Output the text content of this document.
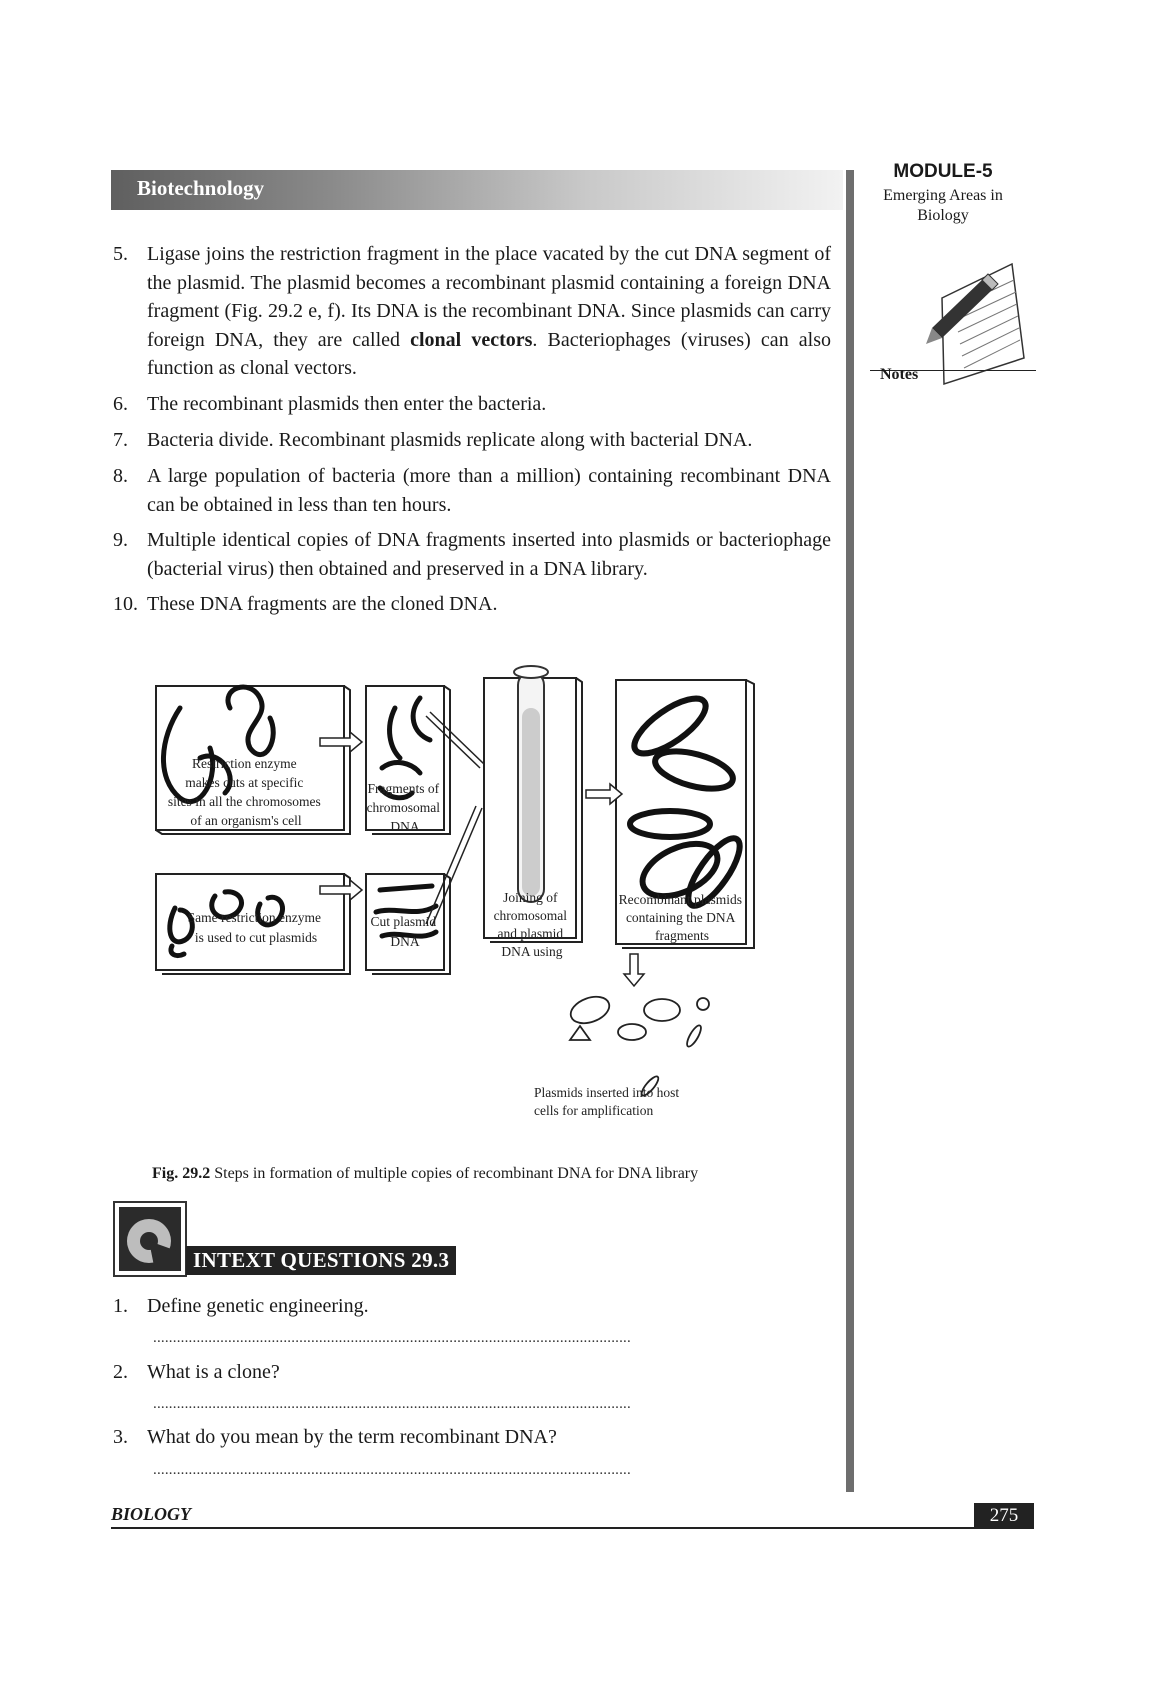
Biotechnology
MODULE-5
Emerging Areas in
Biology
Notes
5. Ligase joins the restriction fragment in the place vacated by the cut DNA segment of the plasmid. The plasmid becomes a recombinant plasmid containing a foreign DNA fragment (Fig. 29.2 e, f). Its DNA is the recombinant DNA. Since plasmids can carry foreign DNA, they are called clonal vectors. Bacteriophages (viruses) can also function as clonal vectors.
6. The recombinant plasmids then enter the bacteria.
7. Bacteria divide. Recombinant plasmids replicate along with bacterial DNA.
8. A large population of bacteria (more than a million) containing recombinant DNA can be obtained in less than ten hours.
9. Multiple identical copies of DNA fragments inserted into plasmids or bacteriophage (bacterial virus) then obtained and preserved in a DNA library.
10. These DNA fragments are the cloned DNA.
Restriction enzyme makes cuts at specific sites in all the chromosomes of an organism's cell
Fragments of chromosomal DNA
Same restriction enzyme is used to cut plasmids
Cut plasmid DNA
Joining of chromosomal and plasmid DNA using
Recombinant plasmids containing the DNA fragments
Plasmids inserted into host cells for amplification
Fig. 29.2 Steps in formation of multiple copies of recombinant DNA for DNA library
INTEXT QUESTIONS 29.3
1. Define genetic engineering.
.........................................................................................................................
2. What is a clone?
.........................................................................................................................
3. What do you mean by the term recombinant DNA?
.........................................................................................................................
BIOLOGY	275
